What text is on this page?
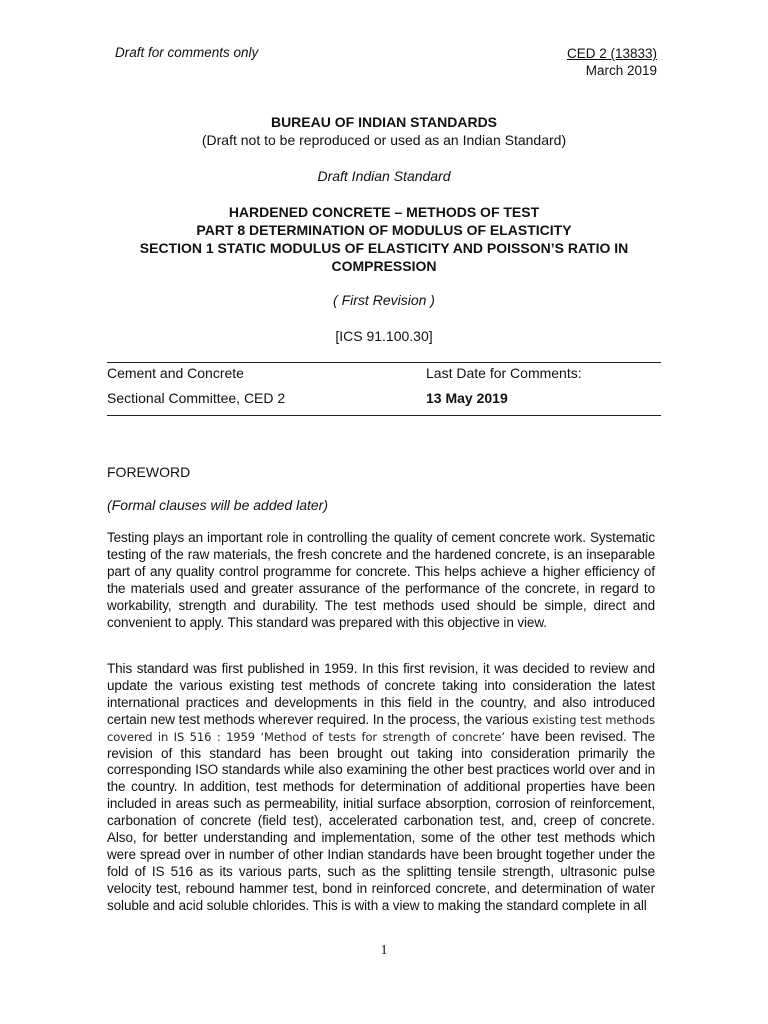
Draft for comments only	CED 2 (13833)
March 2019
BUREAU OF INDIAN STANDARDS
(Draft not to be reproduced or used as an Indian Standard)
Draft Indian Standard
HARDENED CONCRETE – METHODS OF TEST
PART 8 DETERMINATION OF MODULUS OF ELASTICITY
SECTION 1 STATIC MODULUS OF ELASTICITY AND POISSON’S RATIO IN
COMPRESSION
( First Revision )
[ICS 91.100.30]
Cement and Concrete
Sectional Committee, CED 2
Last Date for Comments:
13 May 2019
FOREWORD
(Formal clauses will be added later)
Testing plays an important role in controlling the quality of cement concrete work. Systematic testing of the raw materials, the fresh concrete and the hardened concrete, is an inseparable part of any quality control programme for concrete. This helps achieve a higher efficiency of the materials used and greater assurance of the performance of the concrete, in regard to workability, strength and durability. The test methods used should be simple, direct and convenient to apply. This standard was prepared with this objective in view.
This standard was first published in 1959. In this first revision, it was decided to review and update the various existing test methods of concrete taking into consideration the latest international practices and developments in this field in the country, and also introduced certain new test methods wherever required. In the process, the various existing test methods covered in IS 516 : 1959 ‘Method of tests for strength of concrete’ have been revised. The revision of this standard has been brought out taking into consideration primarily the corresponding ISO standards while also examining the other best practices world over and in the country. In addition, test methods for determination of additional properties have been included in areas such as permeability, initial surface absorption, corrosion of reinforcement, carbonation of concrete (field test), accelerated carbonation test, and, creep of concrete. Also, for better understanding and implementation, some of the other test methods which were spread over in number of other Indian standards have been brought together under the fold of IS 516 as its various parts, such as the splitting tensile strength, ultrasonic pulse velocity test, rebound hammer test, bond in reinforced concrete, and determination of water soluble and acid soluble chlorides. This is with a view to making the standard complete in all
1
